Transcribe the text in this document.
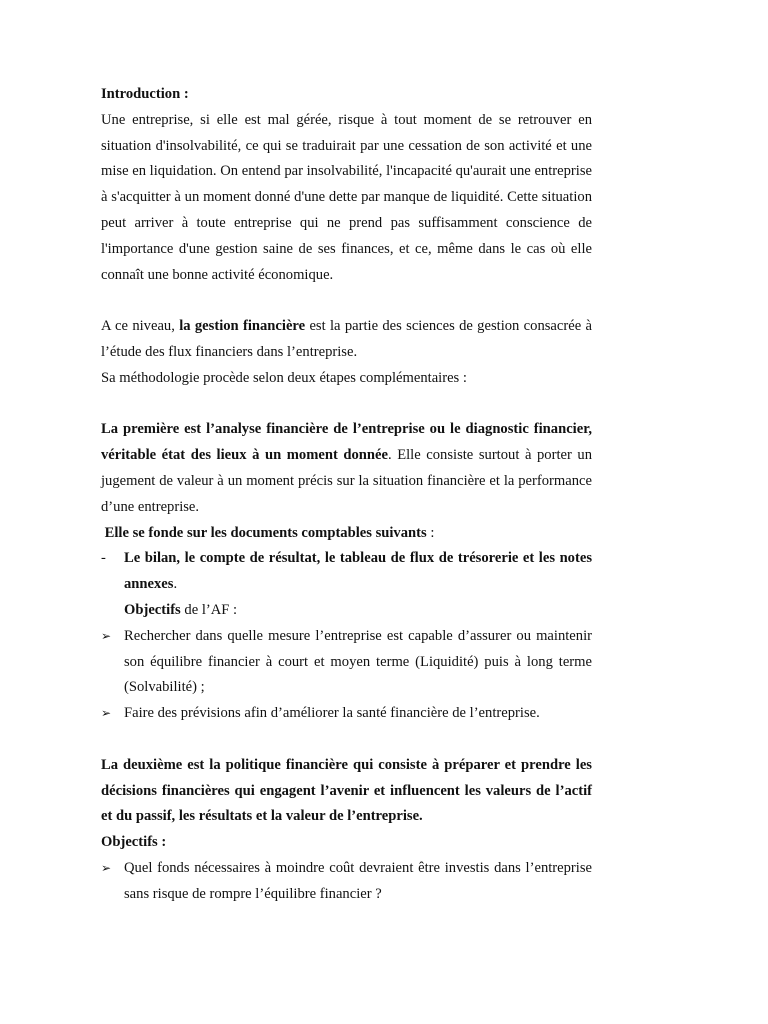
Introduction :

Une entreprise, si elle est mal gérée, risque à tout moment de se retrouver en situation d'insolvabilité, ce qui se traduirait par une cessation de son activité et une mise en liquidation. On entend par insolvabilité, l'incapacité qu'aurait une entreprise à s'acquitter à un moment donné d'une dette par manque de liquidité. Cette situation peut arriver à toute entreprise qui ne prend pas suffisamment conscience de l'importance d'une gestion saine de ses finances, et ce, même dans le cas où elle connaît une bonne activité économique.

A ce niveau, la gestion financière est la partie des sciences de gestion consacrée à l’étude des flux financiers dans l’entreprise.

Sa méthodologie procède selon deux étapes complémentaires :

La première est l’analyse financière de l’entreprise ou le diagnostic financier, véritable état des lieux à un moment donnée. Elle consiste surtout à porter un jugement de valeur à un moment précis sur la situation financière et la performance d’une entreprise.

Elle se fonde sur les documents comptables suivants :

-	Le bilan, le compte de résultat, le tableau de flux de trésorerie et les notes annexes.

Objectifs de l’AF :

➢ Rechercher dans quelle mesure l’entreprise est capable d’assurer ou maintenir son équilibre financier à court et moyen terme (Liquidité) puis à long terme (Solvabilité) ;
➢ Faire des prévisions afin d’améliorer la santé financière de l’entreprise.

La deuxième est la politique financière qui consiste à préparer et prendre les décisions financières qui engagent l’avenir et influencent les valeurs de l’actif et du passif, les résultats et la valeur de l’entreprise.

Objectifs :

➢ Quel fonds nécessaires à moindre coût devraient être investis dans l’entreprise sans risque de rompre l’équilibre financier ?
